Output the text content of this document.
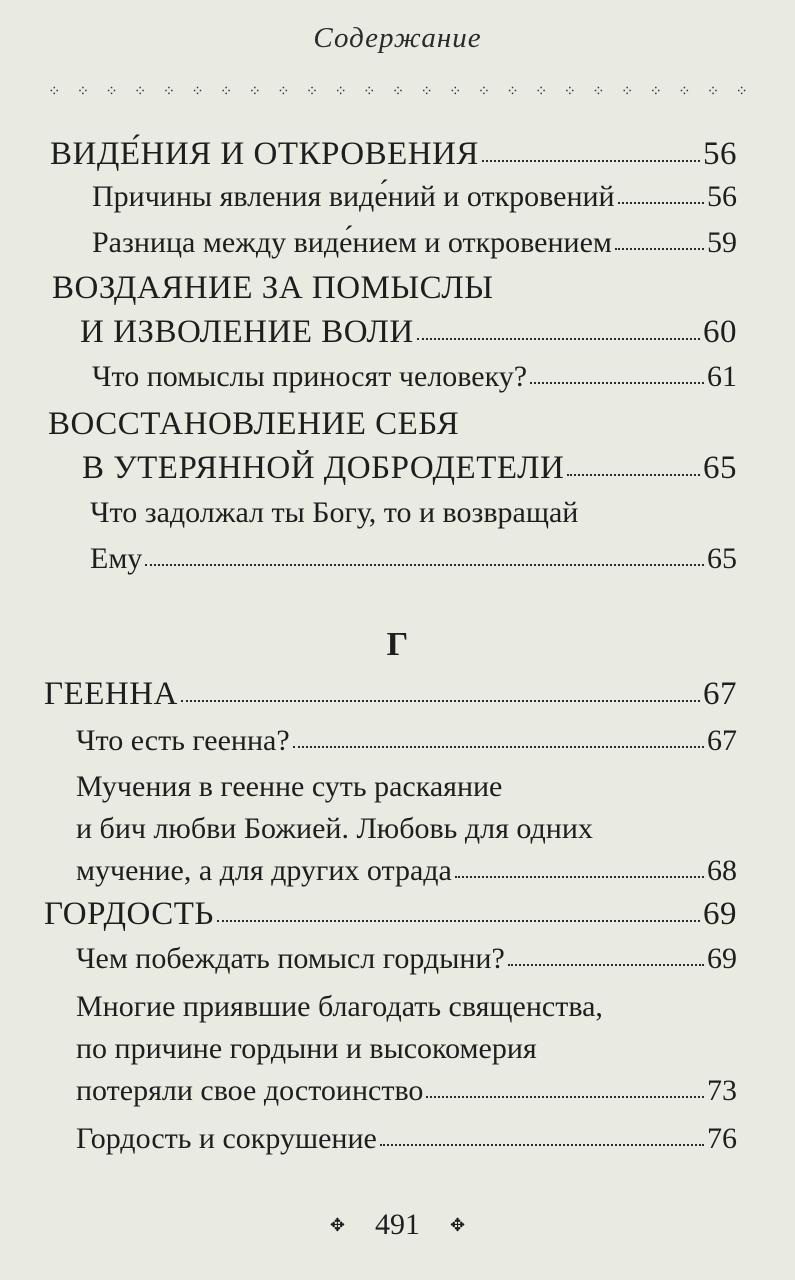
Содержание
⁘ ⁘ ⁘ ⁘ ⁘ ⁘ ⁘ ⁘ ⁘ ⁘ ⁘ ⁘ ⁘ ⁘ ⁘ ⁘ ⁘ ⁘ ⁘ ⁘ ⁘ ⁘ ⁘ ⁘ ⁘
ВИДЕ́НИЯ И ОТКРОВЕНИЯ	56
Причины явления виде́ний и откровений	56
Разница между виде́нием и откровением	59
ВОЗДАЯНИЕ ЗА ПОМЫСЛЫ
И ИЗВОЛЕНИЕ ВОЛИ	60
Что помыслы приносят человеку?	61
ВОССТАНОВЛЕНИЕ СЕБЯ
В УТЕРЯННОЙ ДОБРОДЕТЕЛИ	65
Что задолжал ты Богу, то и возвращай
Ему	65
ГЕЕННА	67
Что есть геенна?	67
Мучения в геенне суть раскаяние
и бич любви Божией. Любовь для одних
мучение, а для других отрада	68
ГОРДОСТЬ	69
Чем побеждать помысл гордыни?	69
Многие приявшие благодать священства,
по причине гордыни и высокомерия
потеряли свое достоинство	73
Гордость и сокрушение	76
Г
✥ 491 ✥
